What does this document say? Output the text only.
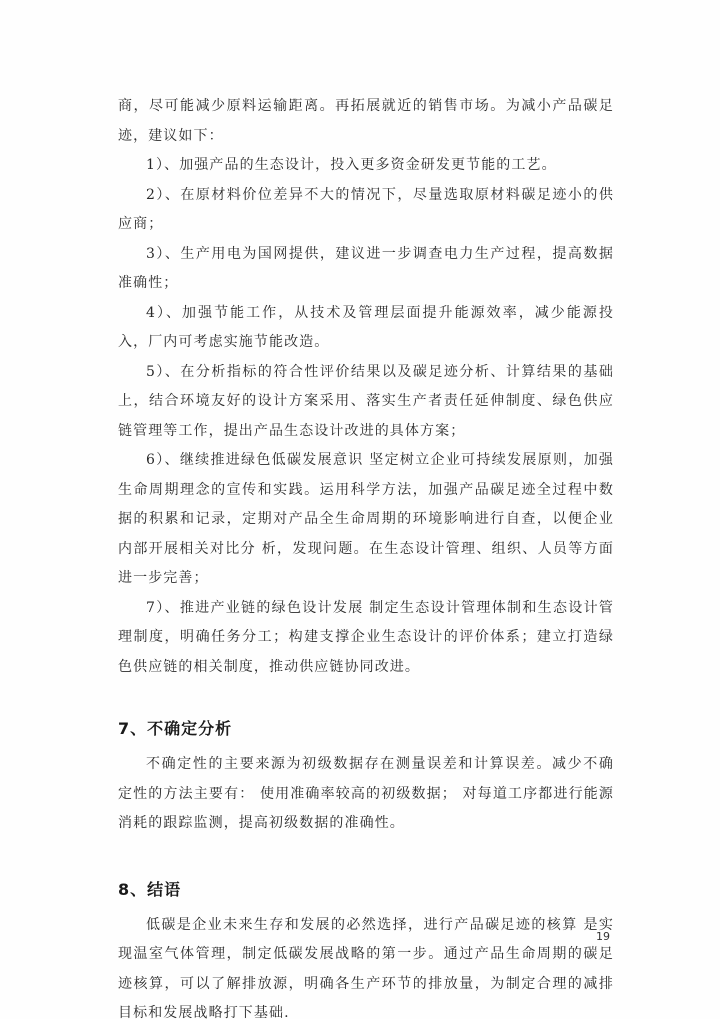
商，尽可能减少原料运输距离。再拓展就近的销售市场。为减小产品碳足迹，建议如下：

1）、加强产品的生态设计，投入更多资金研发更节能的工艺。

2）、在原材料价位差异不大的情况下，尽量选取原材料碳足迹小的供应商；

3）、生产用电为国网提供，建议进一步调查电力生产过程，提高数据准确性；

4）、加强节能工作，从技术及管理层面提升能源效率，减少能源投入，厂内可考虑实施节能改造。

5）、在分析指标的符合性评价结果以及碳足迹分析、计算结果的基础上，结合环境友好的设计方案采用、落实生产者责任延伸制度、绿色供应链管理等工作，提出产品生态设计改进的具体方案；

6）、继续推进绿色低碳发展意识 坚定树立企业可持续发展原则，加强生命周期理念的宣传和实践。运用科学方法，加强产品碳足迹全过程中数据的积累和记录，定期对产品全生命周期的环境影响进行自查，以便企业内部开展相关对比分 析，发现问题。在生态设计管理、组织、人员等方面进一步完善；

7）、推进产业链的绿色设计发展 制定生态设计管理体制和生态设计管理制度，明确任务分工；构建支撑企业生态设计的评价体系；建立打造绿色供应链的相关制度，推动供应链协同改进。

7、不确定分析

不确定性的主要来源为初级数据存在测量误差和计算误差。减少不确定性的方法主要有： 使用准确率较高的初级数据； 对每道工序都进行能源消耗的跟踪监测，提高初级数据的准确性。

8、结语

低碳是企业未来生存和发展的必然选择，进行产品碳足迹的核算 是实现温室气体管理，制定低碳发展战略的第一步。通过产品生命周期的碳足迹核算，可以了解排放源，明确各生产环节的排放量，为制定合理的减排目标和发展战略打下基础.

19
